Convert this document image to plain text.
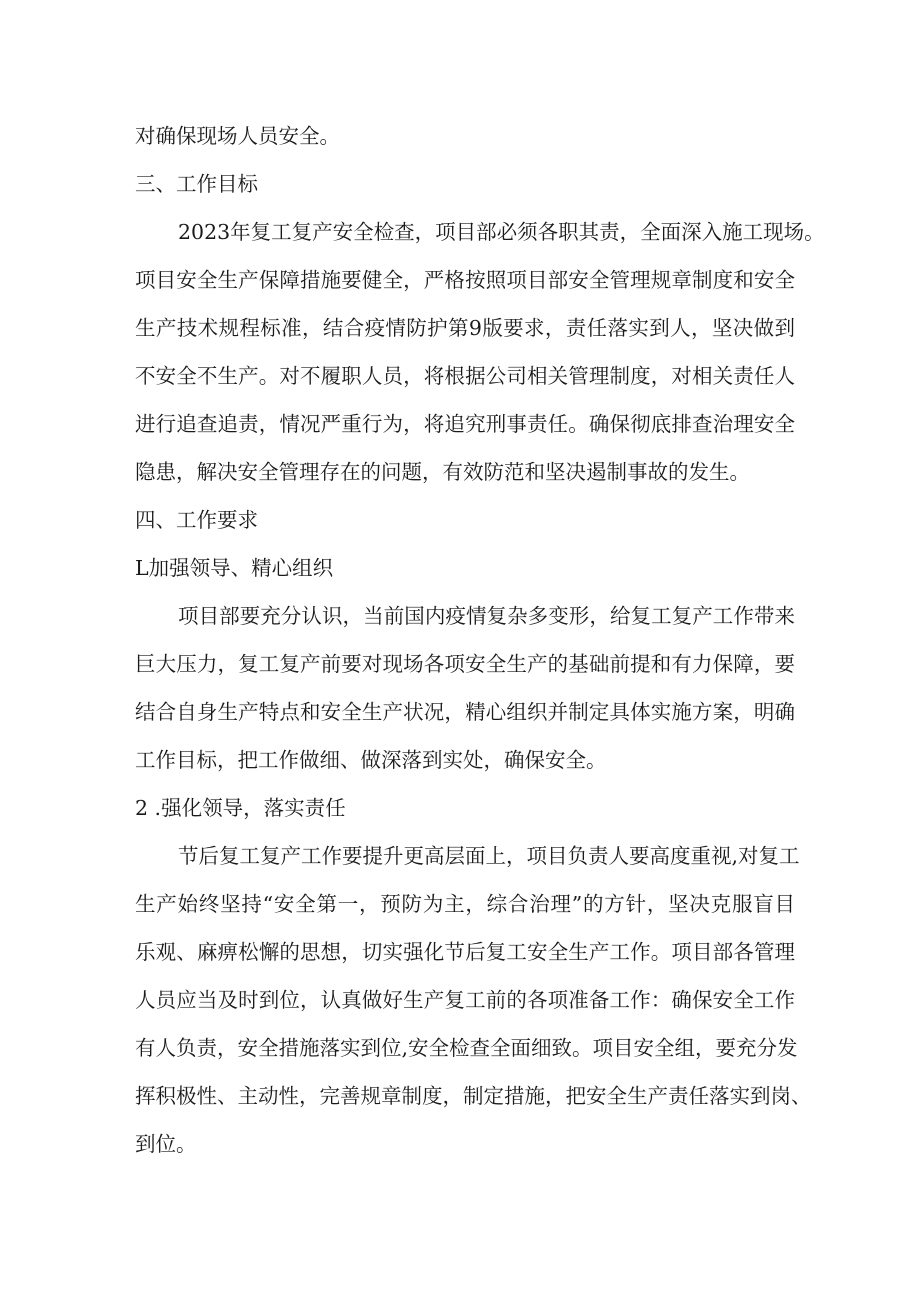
对确保现场人员安全。
三、工作目标
2023年复工复产安全检查，项目部必须各职其责，全面深入施工现场。
项目安全生产保障措施要健全，严格按照项目部安全管理规章制度和安全
生产技术规程标准，结合疫情防护第9版要求，责任落实到人，坚决做到
不安全不生产。对不履职人员，将根据公司相关管理制度，对相关责任人
进行追查追责，情况严重行为，将追究刑事责任。确保彻底排查治理安全
隐患，解决安全管理存在的问题，有效防范和坚决遏制事故的发生。
四、工作要求
L加强领导、精心组织
项目部要充分认识，当前国内疫情复杂多变形，给复工复产工作带来
巨大压力，复工复产前要对现场各项安全生产的基础前提和有力保障，要
结合自身生产特点和安全生产状况，精心组织并制定具体实施方案，明确
工作目标，把工作做细、做深落到实处，确保安全。
2 .强化领导，落实责任
节后复工复产工作要提升更高层面上，项目负责人要高度重视,对复工
生产始终坚持“安全第一，预防为主，综合治理”的方针，坚决克服盲目
乐观、麻痹松懈的思想，切实强化节后复工安全生产工作。项目部各管理
人员应当及时到位，认真做好生产复工前的各项准备工作：确保安全工作
有人负责，安全措施落实到位,安全检查全面细致。项目安全组，要充分发
挥积极性、主动性，完善规章制度，制定措施，把安全生产责任落实到岗、
到位。
